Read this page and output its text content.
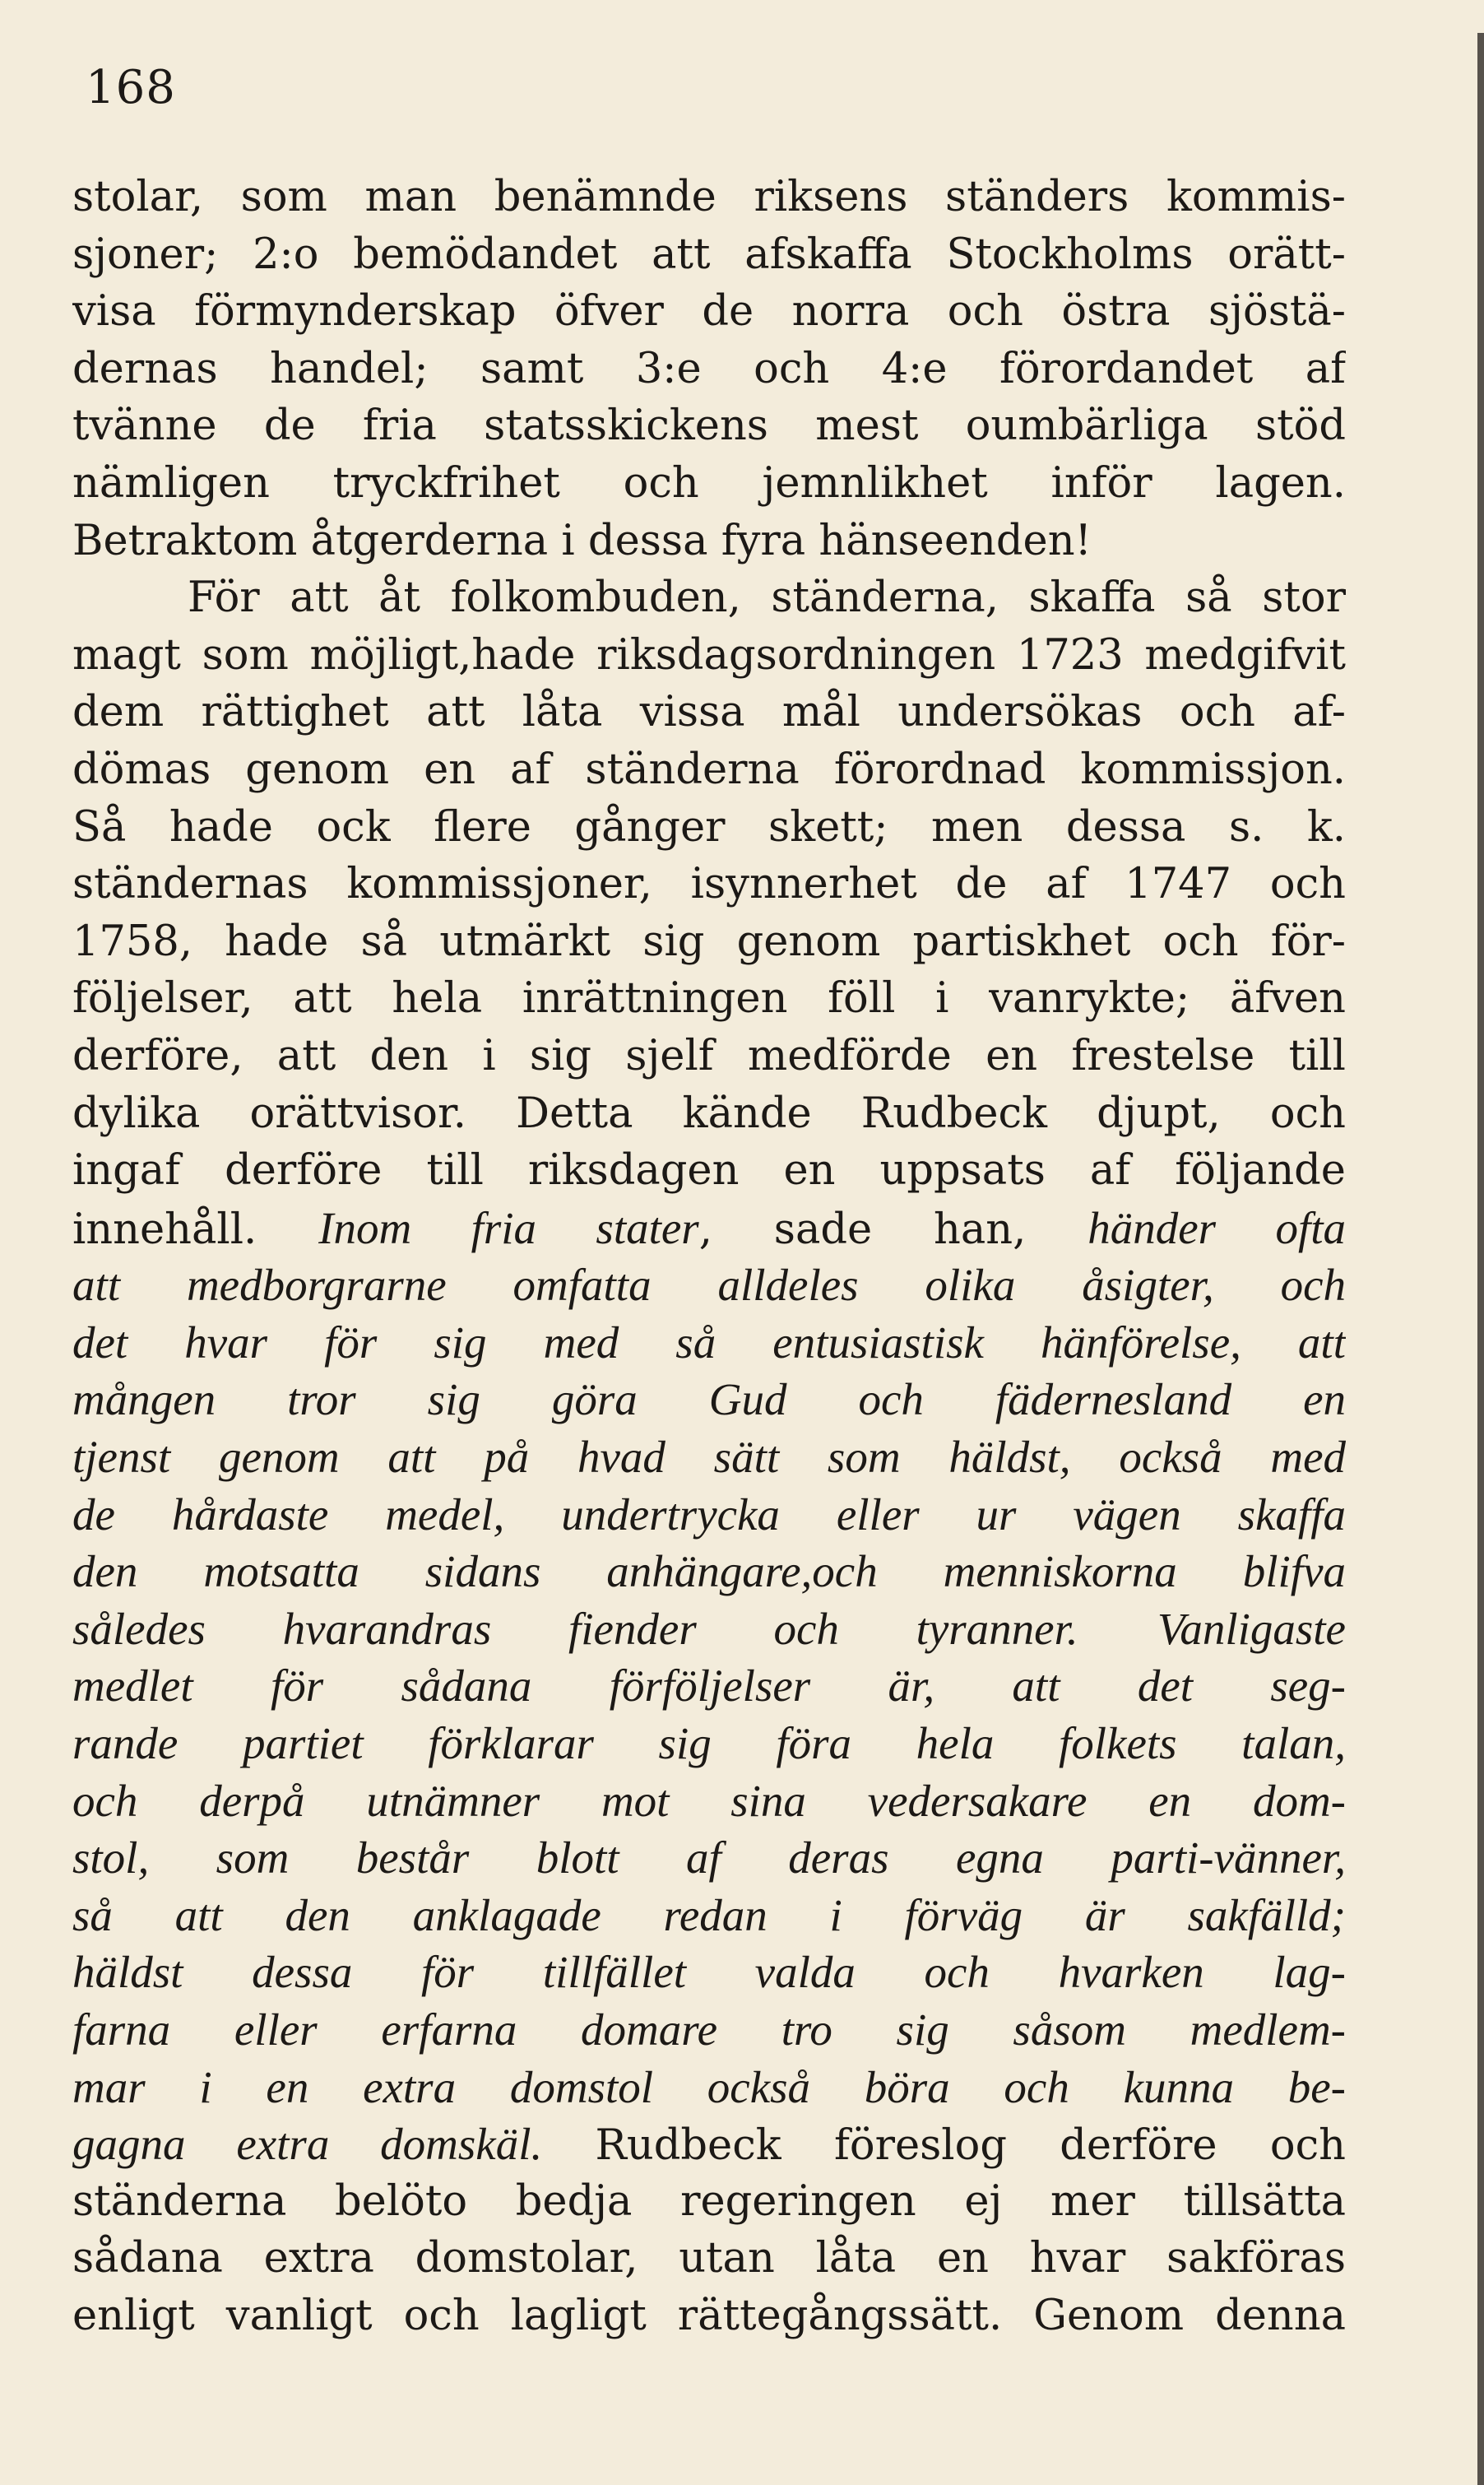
168
stolar, som man benämnde riksens ständers kommis-
sjoner; 2:o bemödandet att afskaffa Stockholms orätt-
visa förmynderskap öfver de norra och östra sjöstä-
dernas handel; samt 3:e och 4:e förordandet af
tvänne de fria statsskickens mest oumbärliga stöd
nämligen tryckfrihet och jemnlikhet inför lagen.
Betraktom åtgerderna i dessa fyra hänseenden!
För att åt folkombuden, ständerna, skaffa så stor
magt som möjligt,hade riksdagsordningen 1723 medgifvit
dem rättighet att låta vissa mål undersökas och af-
dömas genom en af ständerna förordnad kommissjon.
Så hade ock flere gånger skett; men dessa s. k.
ständernas kommissjoner, isynnerhet de af 1747 och
1758, hade så utmärkt sig genom partiskhet och för-
följelser, att hela inrättningen föll i vanrykte; äfven
derföre, att den i sig sjelf medförde en frestelse till
dylika orättvisor. Detta kände Rudbeck djupt, och
ingaf derföre till riksdagen en uppsats af följande
innehåll. Inom fria stater, sade han, händer ofta
att medborgrarne omfatta alldeles olika åsigter, och
det hvar för sig med så entusiastisk hänförelse, att
mången tror sig göra Gud och fädernesland en
tjenst genom att på hvad sätt som häldst, också med
de hårdaste medel, undertrycka eller ur vägen skaffa
den motsatta sidans anhängare,och menniskorna blifva
således hvarandras fiender och tyranner. Vanligaste
medlet för sådana förföljelser är, att det seg-
rande partiet förklarar sig föra hela folkets talan,
och derpå utnämner mot sina vedersakare en dom-
stol, som består blott af deras egna parti-vänner,
så att den anklagade redan i förväg är sakfälld;
häldst dessa för tillfället valda och hvarken lag-
farna eller erfarna domare tro sig såsom medlem-
mar i en extra domstol också böra och kunna be-
gagna extra domskäl. Rudbeck föreslog derföre och
ständerna belöto bedja regeringen ej mer tillsätta
sådana extra domstolar, utan låta en hvar sakföras
enligt vanligt och lagligt rättegångssätt. Genom denna
